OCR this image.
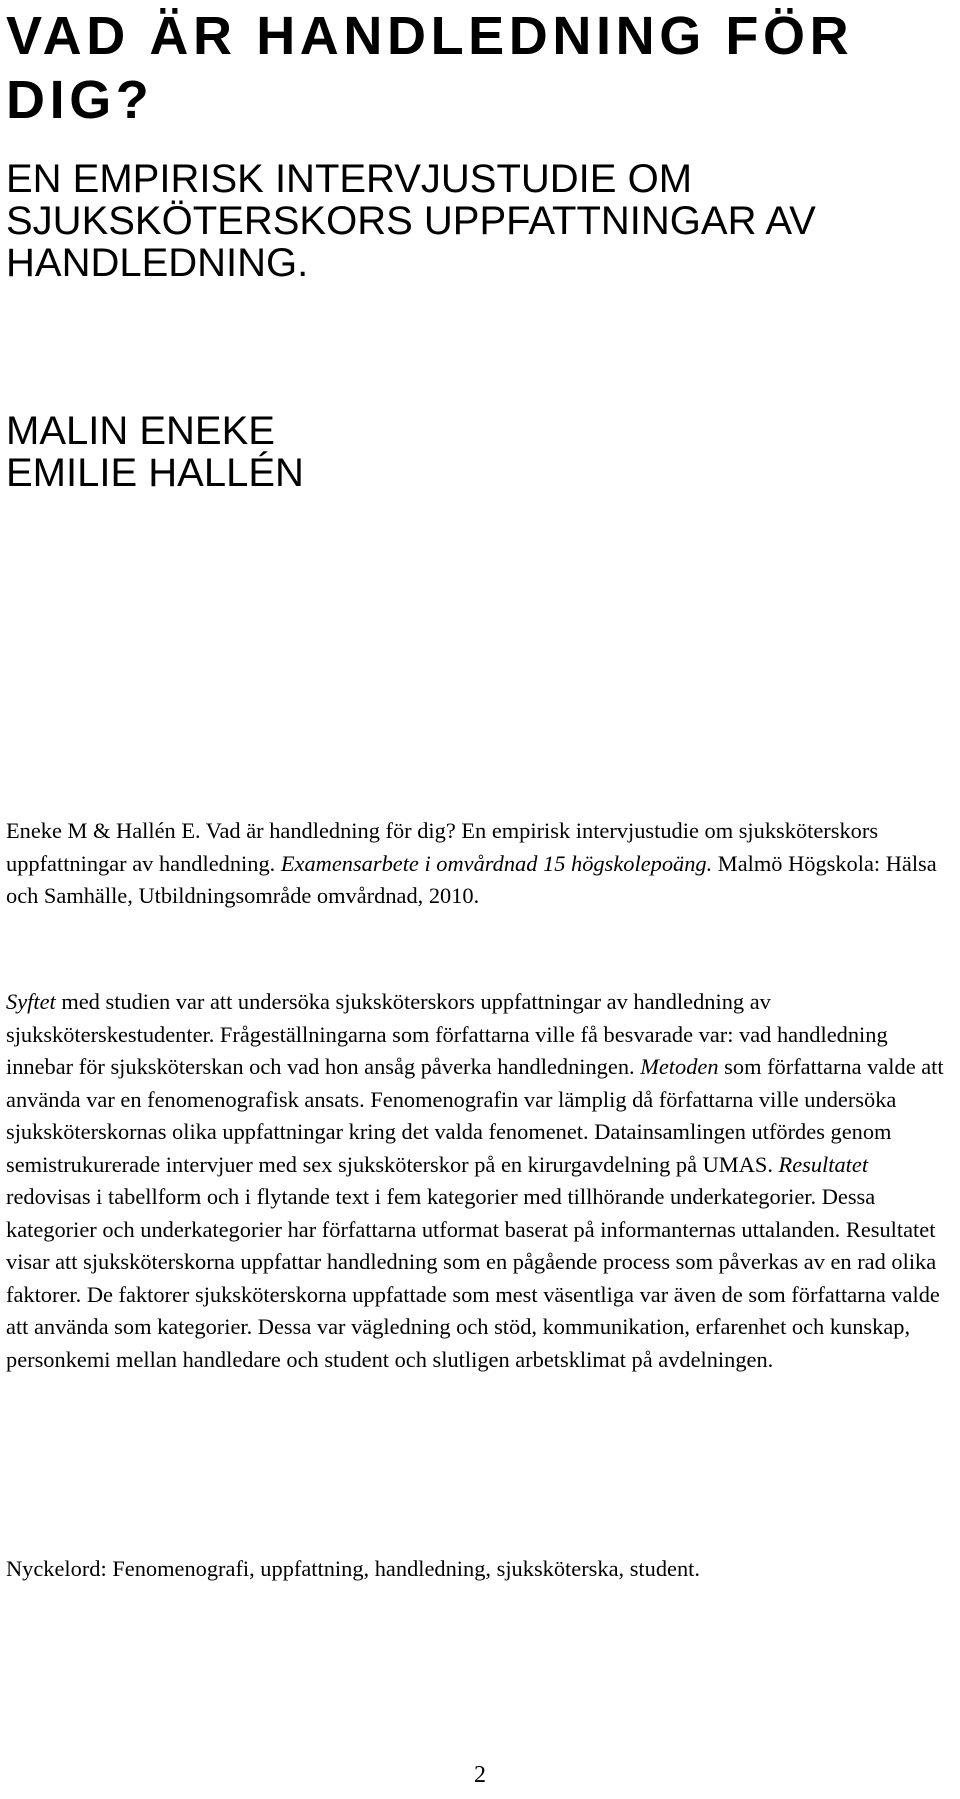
VAD ÄR HANDLEDNING FÖR DIG?
EN EMPIRISK INTERVJUSTUDIE OM SJUKSKÖTERSKORS UPPFATTNINGAR AV HANDLEDNING.
MALIN ENEKE
EMILIE HALLÉN

Eneke M & Hallén E. Vad är handledning för dig? En empirisk intervjustudie om sjuksköterskors uppfattningar av handledning. Examensarbete i omvårdnad 15 högskolepoäng. Malmö Högskola: Hälsa och Samhälle, Utbildningsområde omvårdnad, 2010.

Syftet med studien var att undersöka sjuksköterskors uppfattningar av handledning av sjuksköterskestudenter. Frågeställningarna som författarna ville få besvarade var: vad handledning innebar för sjuksköterskan och vad hon ansåg påverka handledningen. Metoden som författarna valde att använda var en fenomenografisk ansats. Fenomenografin var lämplig då författarna ville undersöka sjuksköterskornas olika uppfattningar kring det valda fenomenet. Datainsamlingen utfördes genom semistrukurerade intervjuer med sex sjuksköterskor på en kirurgavdelning på UMAS. Resultatet redovisas i tabellform och i flytande text i fem kategorier med tillhörande underkategorier. Dessa kategorier och underkategorier har författarna utformat baserat på informanternas uttalanden. Resultatet visar att sjuksköterskorna uppfattar handledning som en pågående process som påverkas av en rad olika faktorer. De faktorer sjuksköterskorna uppfattade som mest väsentliga var även de som författarna valde att använda som kategorier. Dessa var vägledning och stöd, kommunikation, erfarenhet och kunskap, personkemi mellan handledare och student och slutligen arbetsklimat på avdelningen.

Nyckelord: Fenomenografi, uppfattning, handledning, sjuksköterska, student.

2
